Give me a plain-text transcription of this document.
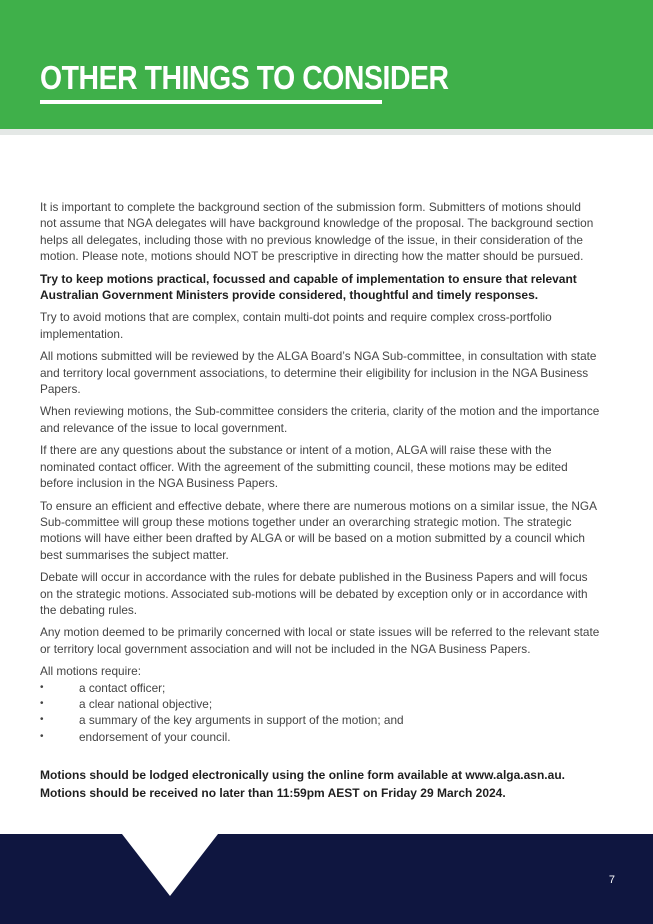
OTHER THINGS TO CONSIDER

It is important to complete the background section of the submission form. Submitters of motions should not assume that NGA delegates will have background knowledge of the proposal. The background section helps all delegates, including those with no previous knowledge of the issue, in their consideration of the motion. Please note, motions should NOT be prescriptive in directing how the matter should be pursued.

Try to keep motions practical, focussed and capable of implementation to ensure that relevant Australian Government Ministers provide considered, thoughtful and timely responses.

Try to avoid motions that are complex, contain multi-dot points and require complex cross-portfolio implementation.

All motions submitted will be reviewed by the ALGA Board’s NGA Sub-committee, in consultation with state and territory local government associations, to determine their eligibility for inclusion in the NGA Business Papers.

When reviewing motions, the Sub-committee considers the criteria, clarity of the motion and the importance and relevance of the issue to local government.

If there are any questions about the substance or intent of a motion, ALGA will raise these with the nominated contact officer. With the agreement of the submitting council, these motions may be edited before inclusion in the NGA Business Papers.

To ensure an efficient and effective debate, where there are numerous motions on a similar issue, the NGA Sub-committee will group these motions together under an overarching strategic motion. The strategic motions will have either been drafted by ALGA or will be based on a motion submitted by a council which best summarises the subject matter.

Debate will occur in accordance with the rules for debate published in the Business Papers and will focus on the strategic motions. Associated sub-motions will be debated by exception only or in accordance with the debating rules.

Any motion deemed to be primarily concerned with local or state issues will be referred to the relevant state or territory local government association and will not be included in the NGA Business Papers.

All motions require:

•	a contact officer;
•	a clear national objective;
•	a summary of the key arguments in support of the motion; and
•	endorsement of your council.

Motions should be lodged electronically using the online form available at www.alga.asn.au.

Motions should be received no later than 11:59pm AEST on Friday 29 March 2024.

7
